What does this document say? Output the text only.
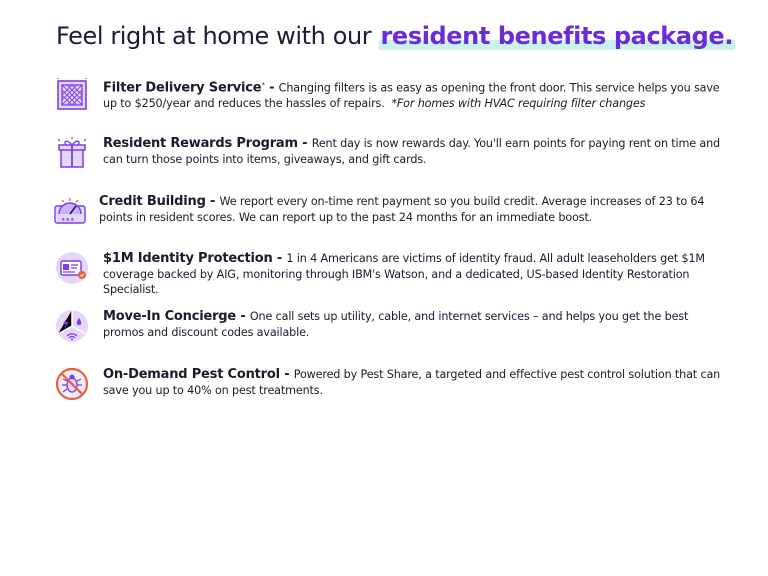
Feel right at home with our resident benefits package.
Filter Delivery Service* - Changing filters is as easy as opening the front door. This service helps you save up to $250/year and reduces the hassles of repairs. *For homes with HVAC requiring filter changes
Resident Rewards Program - Rent day is now rewards day. You'll earn points for paying rent on time and can turn those points into items, giveaways, and gift cards.
★★★
Credit Building - We report every on-time rent payment so you build credit. Average increases of 23 to 64 points in resident scores. We can report up to the past 24 months for an immediate boost.
$1M Identity Protection - 1 in 4 Americans are victims of identity fraud. All adult leaseholders get $1M coverage backed by AIG, monitoring through IBM's Watson, and a dedicated, US-based Identity Restoration Specialist.
Move-In Concierge - One call sets up utility, cable, and internet services – and helps you get the best promos and discount codes available.
On-Demand Pest Control - Powered by Pest Share, a targeted and effective pest control solution that can save you up to 40% on pest treatments.
